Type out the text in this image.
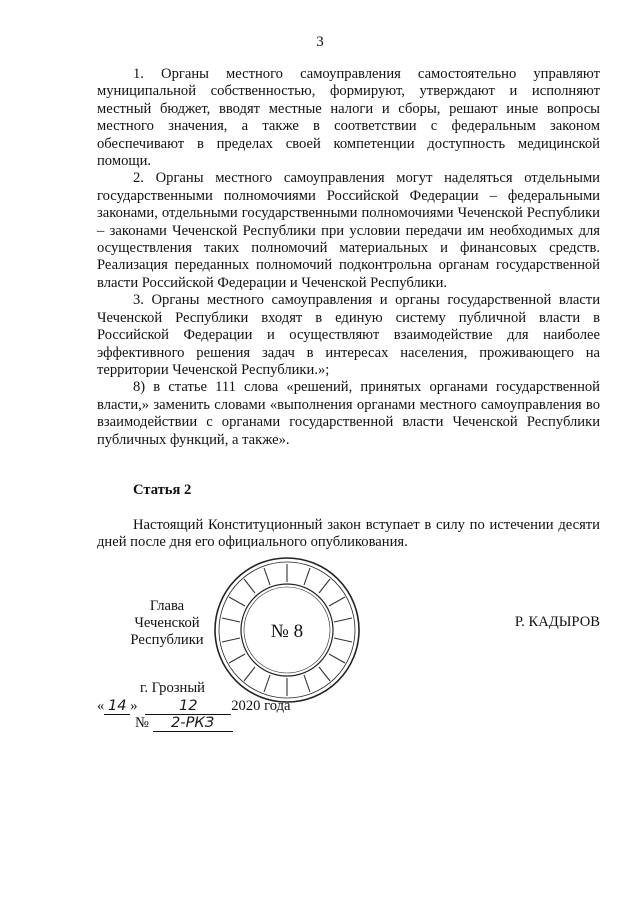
3

1. Органы местного самоуправления самостоятельно управляют муниципальной собственностью, формируют, утверждают и исполняют местный бюджет, вводят местные налоги и сборы, решают иные вопросы местного значения, а также в соответствии с федеральным законом обеспечивают в пределах своей компетенции доступность медицинской помощи.

2. Органы местного самоуправления могут наделяться отдельными государственными полномочиями Российской Федерации – федеральными законами, отдельными государственными полномочиями Чеченской Республики – законами Чеченской Республики при условии передачи им необходимых для осуществления таких полномочий материальных и финансовых средств. Реализация переданных полномочий подконтрольна органам государственной власти Российской Федерации и Чеченской Республики.

3. Органы местного самоуправления и органы государственной власти Чеченской Республики входят в единую систему публичной власти в Российской Федерации и осуществляют взаимодействие для наиболее эффективного решения задач в интересах населения, проживающего на территории Чеченской Республики.»;

8) в статье 111 слова «решений, принятых органами государственной власти,» заменить словами «выполнения органами местного самоуправления во взаимодействии с органами государственной власти Чеченской Республики публичных функций, а также».

Статья 2

Настоящий Конституционный закон вступает в силу по истечении десяти дней после дня его официального опубликования.

Глава
Чеченской Республики	№ 8	Р. КАДЫРОВ
г. Грозный
« 14 »	12 2020 года
№ 2-РКЗ
